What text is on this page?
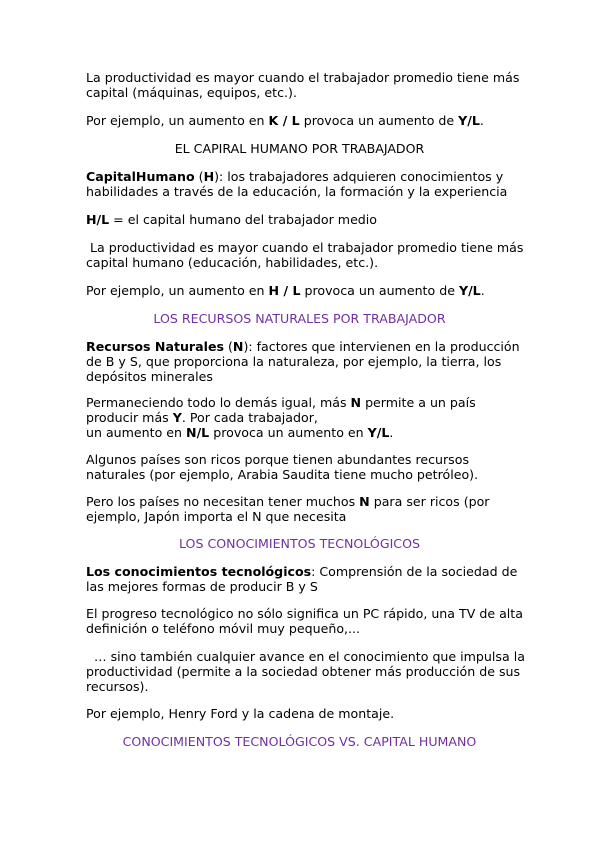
La productividad es mayor cuando el trabajador promedio tiene más
capital (máquinas, equipos, etc.).

Por ejemplo, un aumento en K / L provoca un aumento de Y/L.

EL CAPIRAL HUMANO POR TRABAJADOR

CapitalHumano (H): los trabajadores adquieren conocimientos y
habilidades a través de la educación, la formación y la experiencia

H/L = el capital humano del trabajador medio

La productividad es mayor cuando el trabajador promedio tiene más
capital humano (educación, habilidades, etc.).

Por ejemplo, un aumento en H / L provoca un aumento de Y/L.

LOS RECURSOS NATURALES POR TRABAJADOR

Recursos Naturales (N): factores que intervienen en la producción
de B y S, que proporciona la naturaleza, por ejemplo, la tierra, los
depósitos minerales

Permaneciendo todo lo demás igual, más N permite a un país
producir más Y. Por cada trabajador,
un aumento en N/L provoca un aumento en Y/L.

Algunos países son ricos porque tienen abundantes recursos
naturales (por ejemplo, Arabia Saudita tiene mucho petróleo).

Pero los países no necesitan tener muchos N para ser ricos (por
ejemplo, Japón importa el N que necesita

LOS CONOCIMIENTOS TECNOLÓGICOS

Los conocimientos tecnológicos: Comprensión de la sociedad de
las mejores formas de producir B y S

El progreso tecnológico no sólo significa un PC rápido, una TV de alta
definición o teléfono móvil muy pequeño,...

… sino también cualquier avance en el conocimiento que impulsa la
productividad (permite a la sociedad obtener más producción de sus
recursos).

Por ejemplo, Henry Ford y la cadena de montaje.

CONOCIMIENTOS TECNOLÓGICOS VS. CAPITAL HUMANO
